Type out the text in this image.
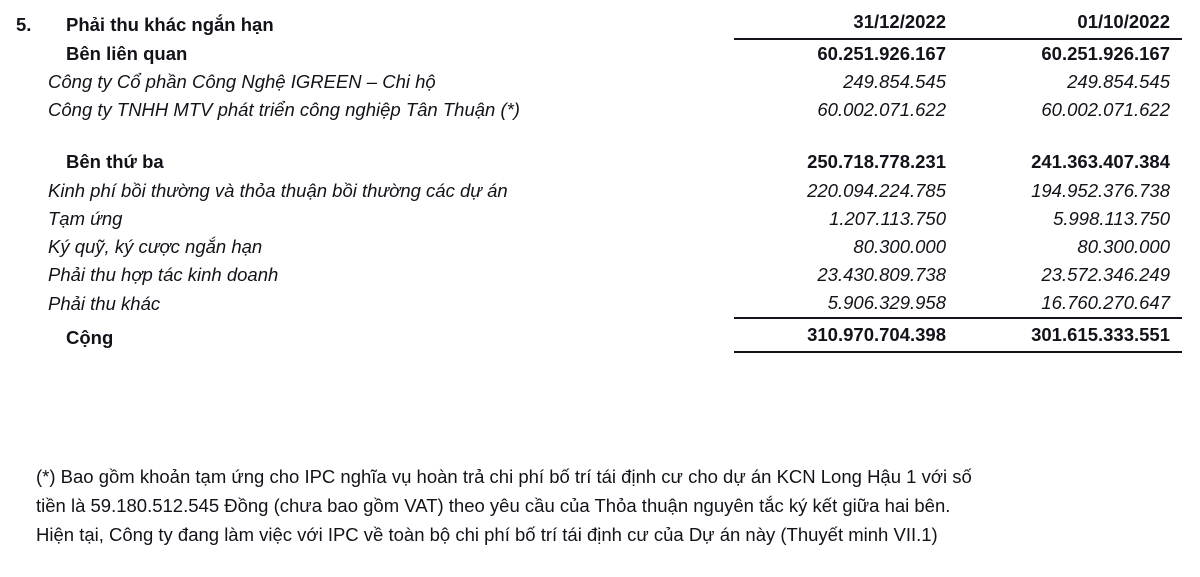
5.	Phải thu khác ngắn hạn	31/12/2022	01/10/2022
	Bên liên quan	60.251.926.167	60.251.926.167
	Công ty Cổ phần Công Nghệ IGREEN – Chi hộ	249.854.545	249.854.545
	Công ty TNHH MTV phát triển công nghiệp Tân Thuận (*)	60.002.071.622	60.002.071.622

	Bên thứ ba	250.718.778.231	241.363.407.384
	Kinh phí bồi thường và thỏa thuận bồi thường các dự án	220.094.224.785	194.952.376.738
	Tạm ứng	1.207.113.750	5.998.113.750
	Ký quỹ, ký cược ngắn hạn	80.300.000	80.300.000
	Phải thu hợp tác kinh doanh	23.430.809.738	23.572.346.249
	Phải thu khác	5.906.329.958	16.760.270.647
	Cộng	310.970.704.398	301.615.333.551

(*) Bao gồm khoản tạm ứng cho IPC nghĩa vụ hoàn trả chi phí bố trí tái định cư cho dự án KCN Long Hậu 1 với số

tiền là 59.180.512.545 Đồng (chưa bao gồm VAT) theo yêu cầu của Thỏa thuận nguyên tắc ký kết giữa hai bên.

Hiện tại, Công ty đang làm việc với IPC về toàn bộ chi phí bố trí tái định cư của Dự án này (Thuyết minh VII.1)
